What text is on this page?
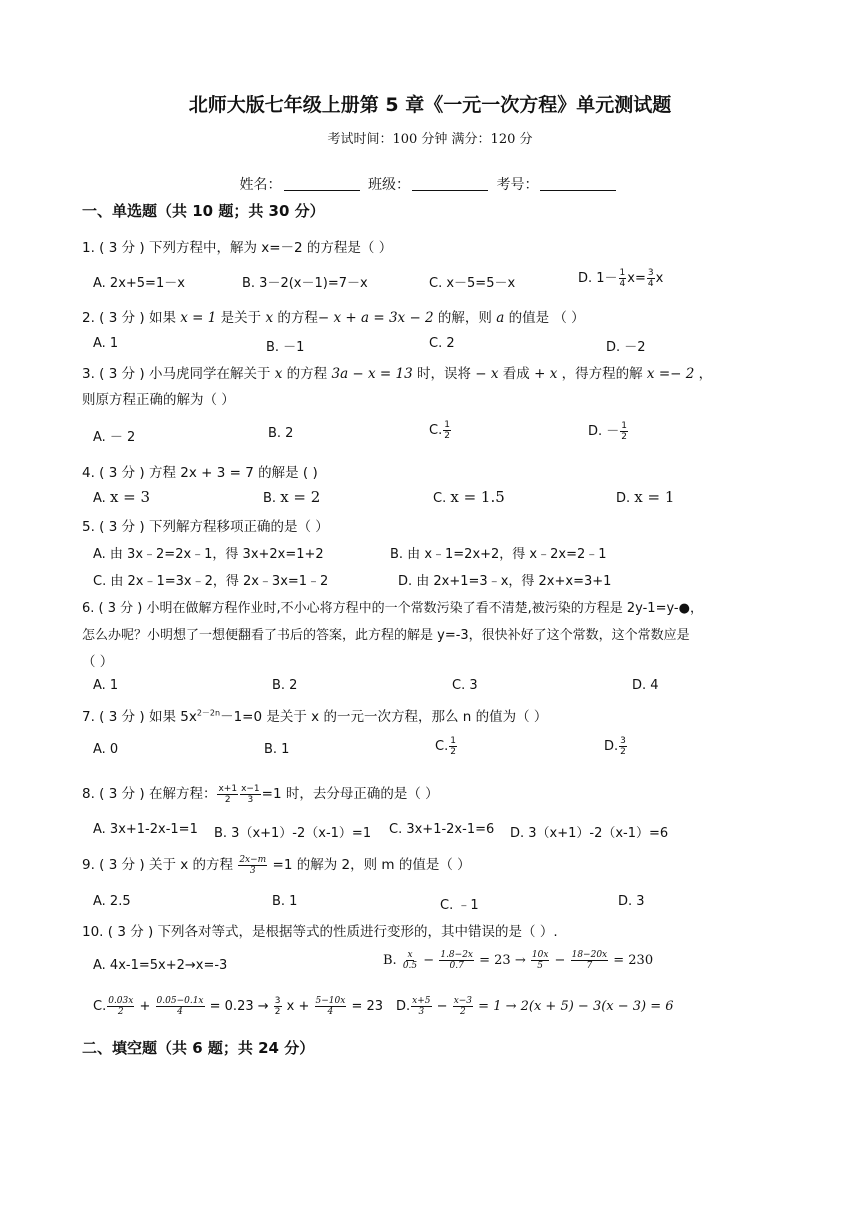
北师大版七年级上册第 5 章《一元一次方程》单元测试题
考试时间：100 分钟 满分：120 分
姓名：	班级：	考号：
一、单选题（共 10 题；共 30 分）
1. ( 3 分 ) 下列方程中，解为 x=－2 的方程是（ ）
A. 2x+5=1－x	B. 3－2(x－1)=7－x	C. x－5=5－x	D. $1- \frac{1}{4} x= \frac{3}{4}$ x
2. ( 3 分 ) 如果 x = 1 是关于 x 的方程− x + a = 3x − 2 的解，则 a 的值是 （ ）
A. 1	B. －1	C. 2	D. －2
3. ( 3 分 ) 小马虎同学在解关于 x 的方程 3a − x = 13 时，误将 − x 看成 + x ，得方程的解 x =− 2 ，
则原方程正确的解为（ ）
A. － 2	B. 2	C. $\frac{1}{2}$	D. － $\frac{1}{2}$
4. ( 3 分 ) 方程 2x + 3 = 7 的解是 ( )
A. x = 3	B. x = 2	C. x = 1.5	D. x = 1
5. ( 3 分 ) 下列解方程移项正确的是（ ）
A. 由 3x﹣2=2x﹣1，得 3x+2x=1+2	B. 由 x﹣1=2x+2，得 x﹣2x=2﹣1
C. 由 2x﹣1=3x﹣2，得 2x﹣3x=1﹣2	D. 由 2x+1=3﹣x，得 2x+x=3+1
6. ( 3 分 ) 小明在做解方程作业时,不小心将方程中的一个常数污染了看不清楚,被污染的方程是 2y-1=y-●，
怎么办呢？小明想了一想便翻看了书后的答案，此方程的解是 y=-3，很快补好了这个常数，这个常数应是
（ ）
A. 1	B. 2	C. 3	D. 4
7. ( 3 分 ) 如果 $5x^{2-2n}-1=0$ 是关于 x 的一元一次方程，那么 n 的值为（ ）
A. 0	B. 1	C. $\frac{1}{2}$	D. $\frac{3}{2}$
8. ( 3 分 ) 在解方程： $\frac{x+1}{2} \frac{x-1}{3} =1$ 时，去分母正确的是（ ）
A. 3x+1-2x-1=1 B. 3（x+1）-2（x-1）=1 C. 3x+1-2x-1=6 D. 3（x+1）-2（x-1）=6
9. ( 3 分 ) 关于 x 的方程 $\frac{2x-m}{3} =1$ 的解为 2，则 m 的值是（ ）
A. 2.5	B. 1	C. ﹣1	D. 3
10. ( 3 分 ) 下列各对等式，是根据等式的性质进行变形的，其中错误的是（ ）.
A. 4x-1=5x+2→x=-3	B. $\frac{x}{0.5} - \frac{1.8-2x}{0.7} = 23 \to \frac{10x}{5} - \frac{18-20x}{7} = 230$
C. $\frac{0.03x}{2} + \frac{0.05-0.1x}{4} = 0.23 \to \frac{3}{2}$ $x + \frac{5-10x}{4} = 23$ D. $\frac{x+5}{3} - \frac{x-3}{2} = 1 \to 2(x + 5) - 3(x - 3) = 6$
二、填空题（共 6 题；共 24 分）
